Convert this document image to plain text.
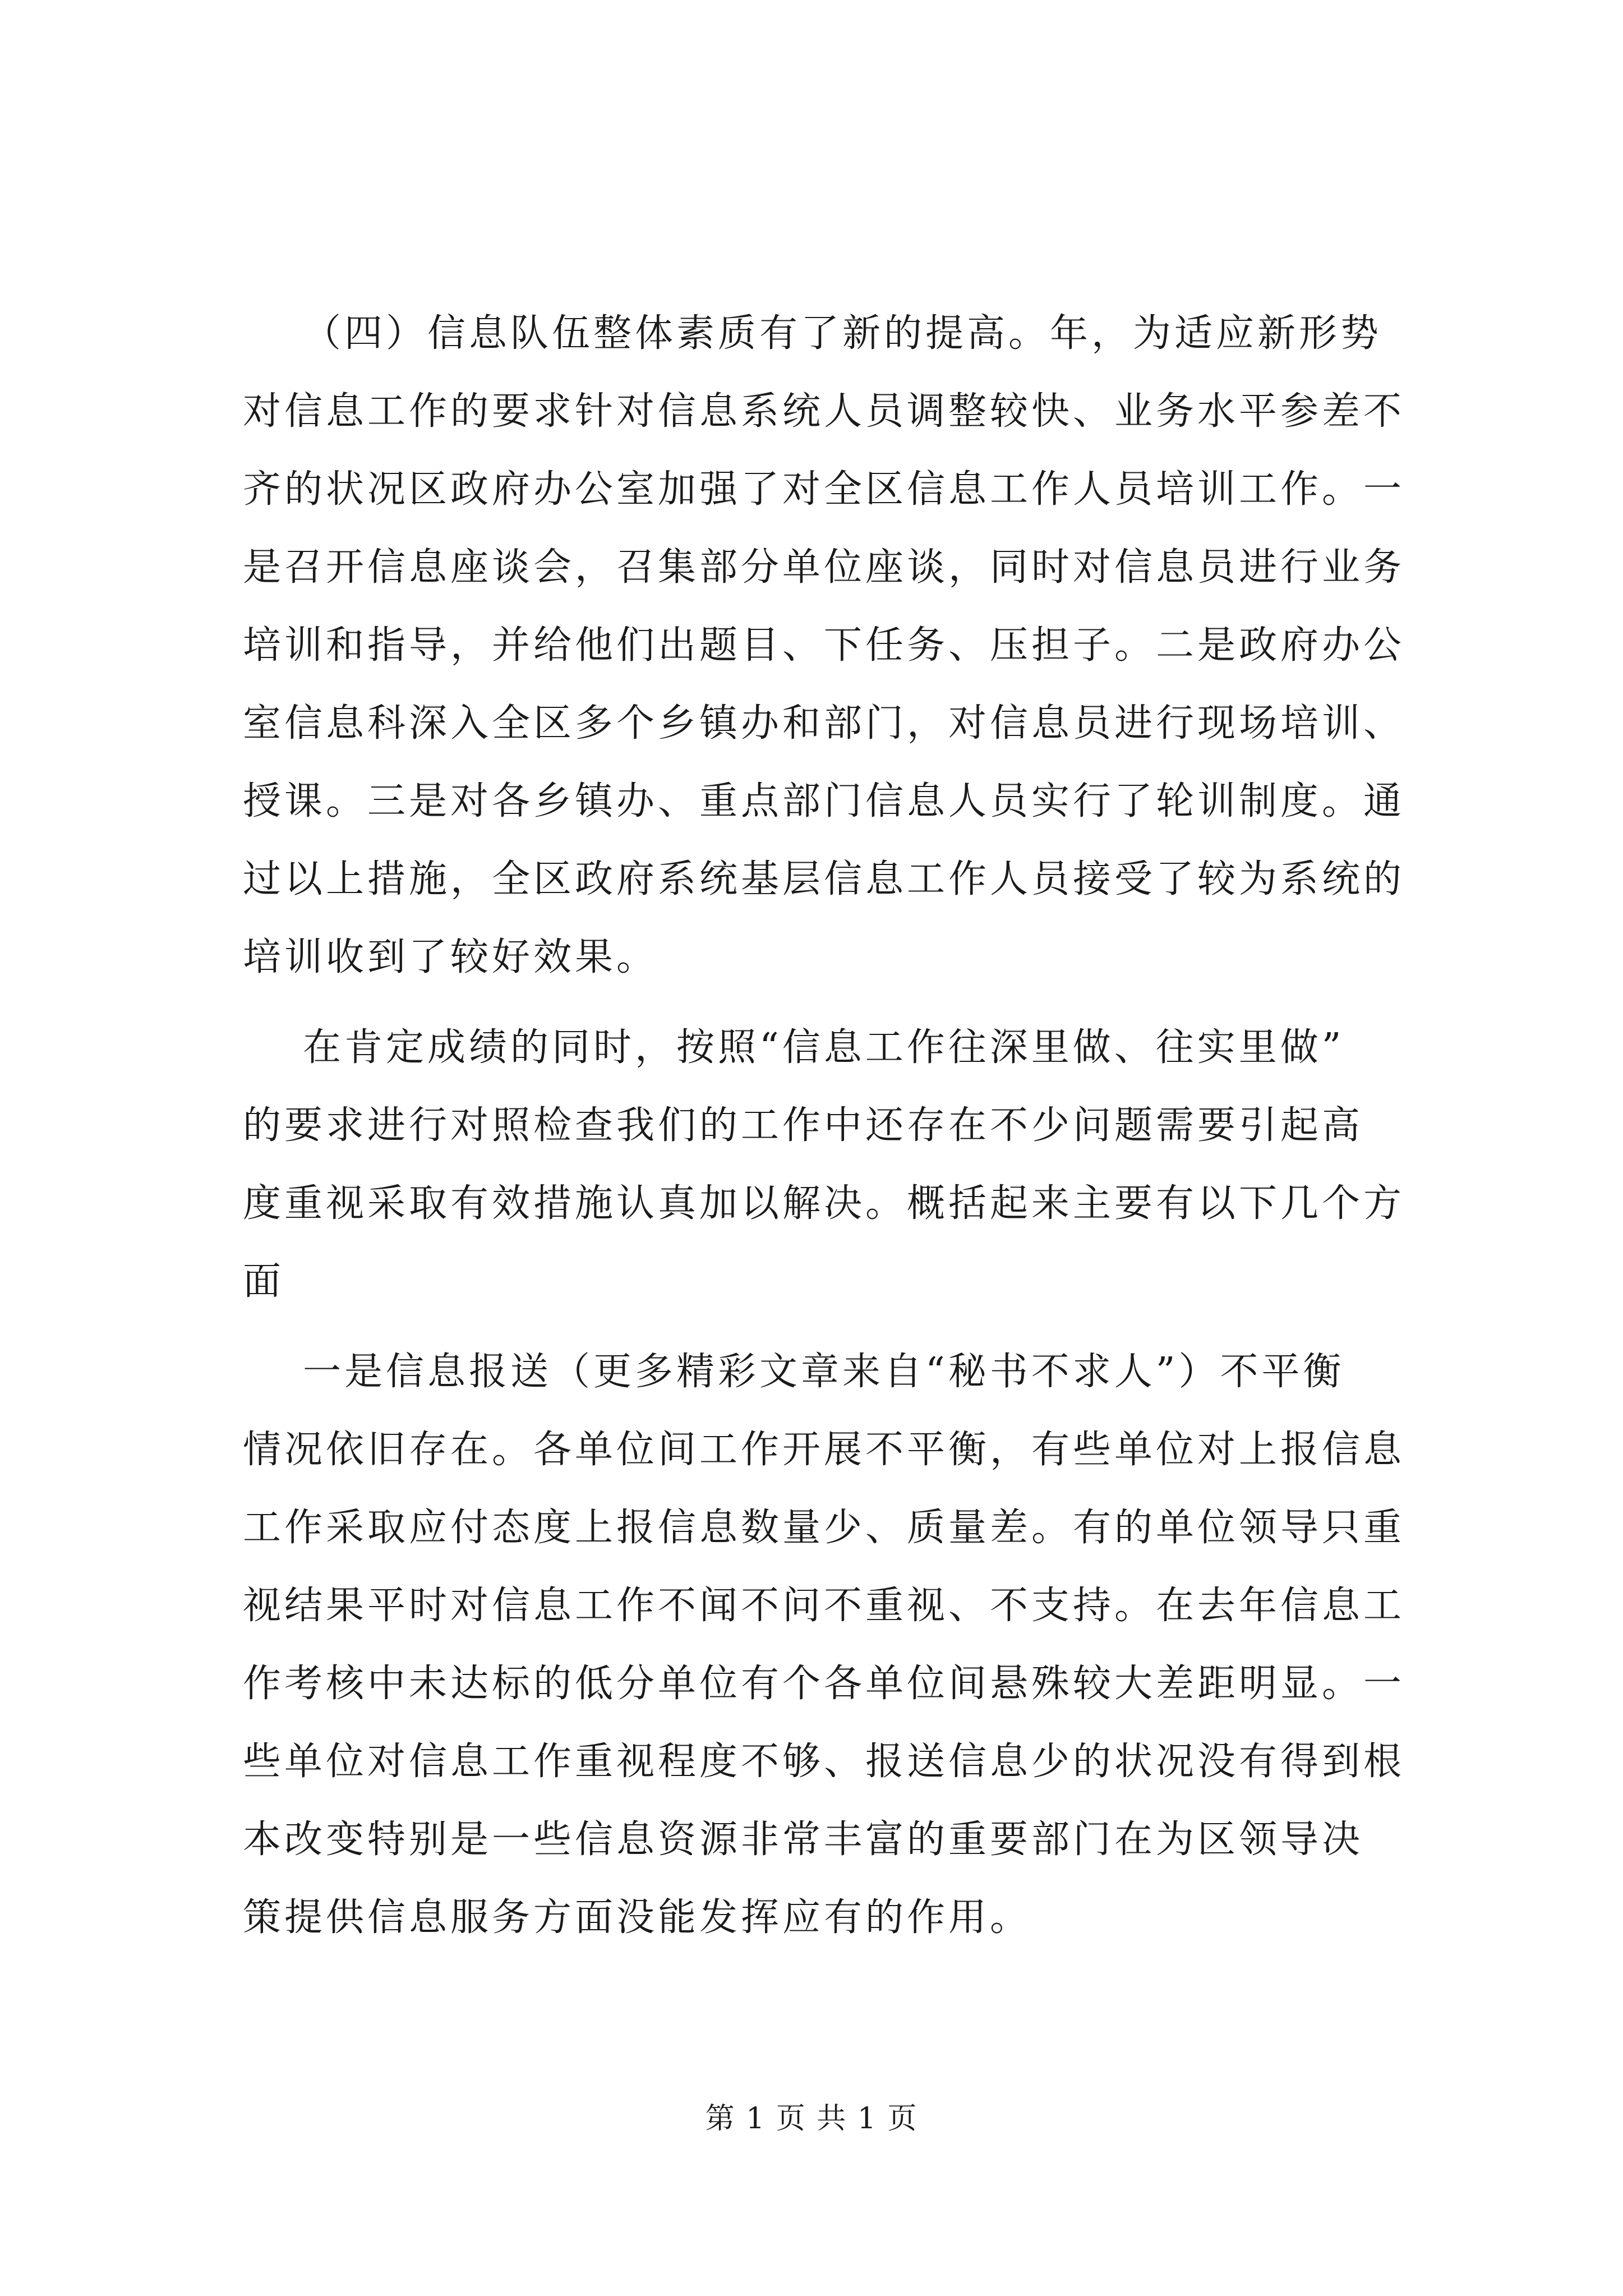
（四）信息队伍整体素质有了新的提高。年，为适应新形势
对信息工作的要求针对信息系统人员调整较快、业务水平参差不
齐的状况区政府办公室加强了对全区信息工作人员培训工作。一
是召开信息座谈会，召集部分单位座谈，同时对信息员进行业务
培训和指导，并给他们出题目、下任务、压担子。二是政府办公
室信息科深入全区多个乡镇办和部门，对信息员进行现场培训、
授课。三是对各乡镇办、重点部门信息人员实行了轮训制度。通
过以上措施，全区政府系统基层信息工作人员接受了较为系统的
培训收到了较好效果。
在肯定成绩的同时，按照“信息工作往深里做、往实里做”
的要求进行对照检查我们的工作中还存在不少问题需要引起高
度重视采取有效措施认真加以解决。概括起来主要有以下几个方
面
一是信息报送（更多精彩文章来自“秘书不求人”）不平衡
情况依旧存在。各单位间工作开展不平衡，有些单位对上报信息
工作采取应付态度上报信息数量少、质量差。有的单位领导只重
视结果平时对信息工作不闻不问不重视、不支持。在去年信息工
作考核中未达标的低分单位有个各单位间悬殊较大差距明显。一
些单位对信息工作重视程度不够、报送信息少的状况没有得到根
本改变特别是一些信息资源非常丰富的重要部门在为区领导决
策提供信息服务方面没能发挥应有的作用。
第 1 页 共 1 页
